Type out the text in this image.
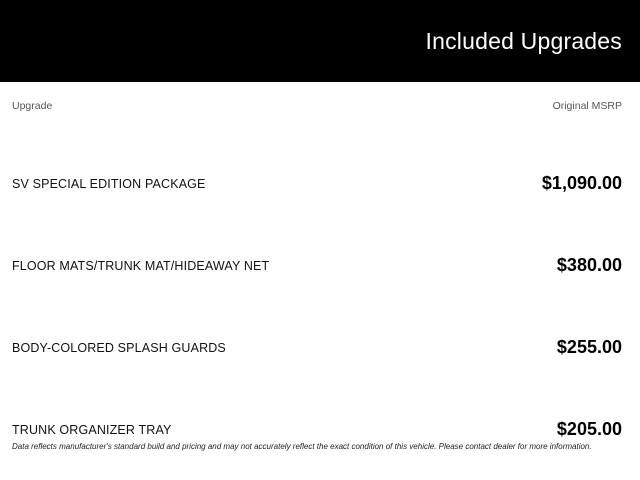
Included Upgrades
Upgrade	Original MSRP
SV SPECIAL EDITION PACKAGE	$1,090.00
FLOOR MATS/TRUNK MAT/HIDEAWAY NET	$380.00
BODY-COLORED SPLASH GUARDS	$255.00
TRUNK ORGANIZER TRAY	$205.00
Data reflects manufacturer's standard build and pricing and may not accurately reflect the exact condition of this vehicle. Please contact dealer for more information.
